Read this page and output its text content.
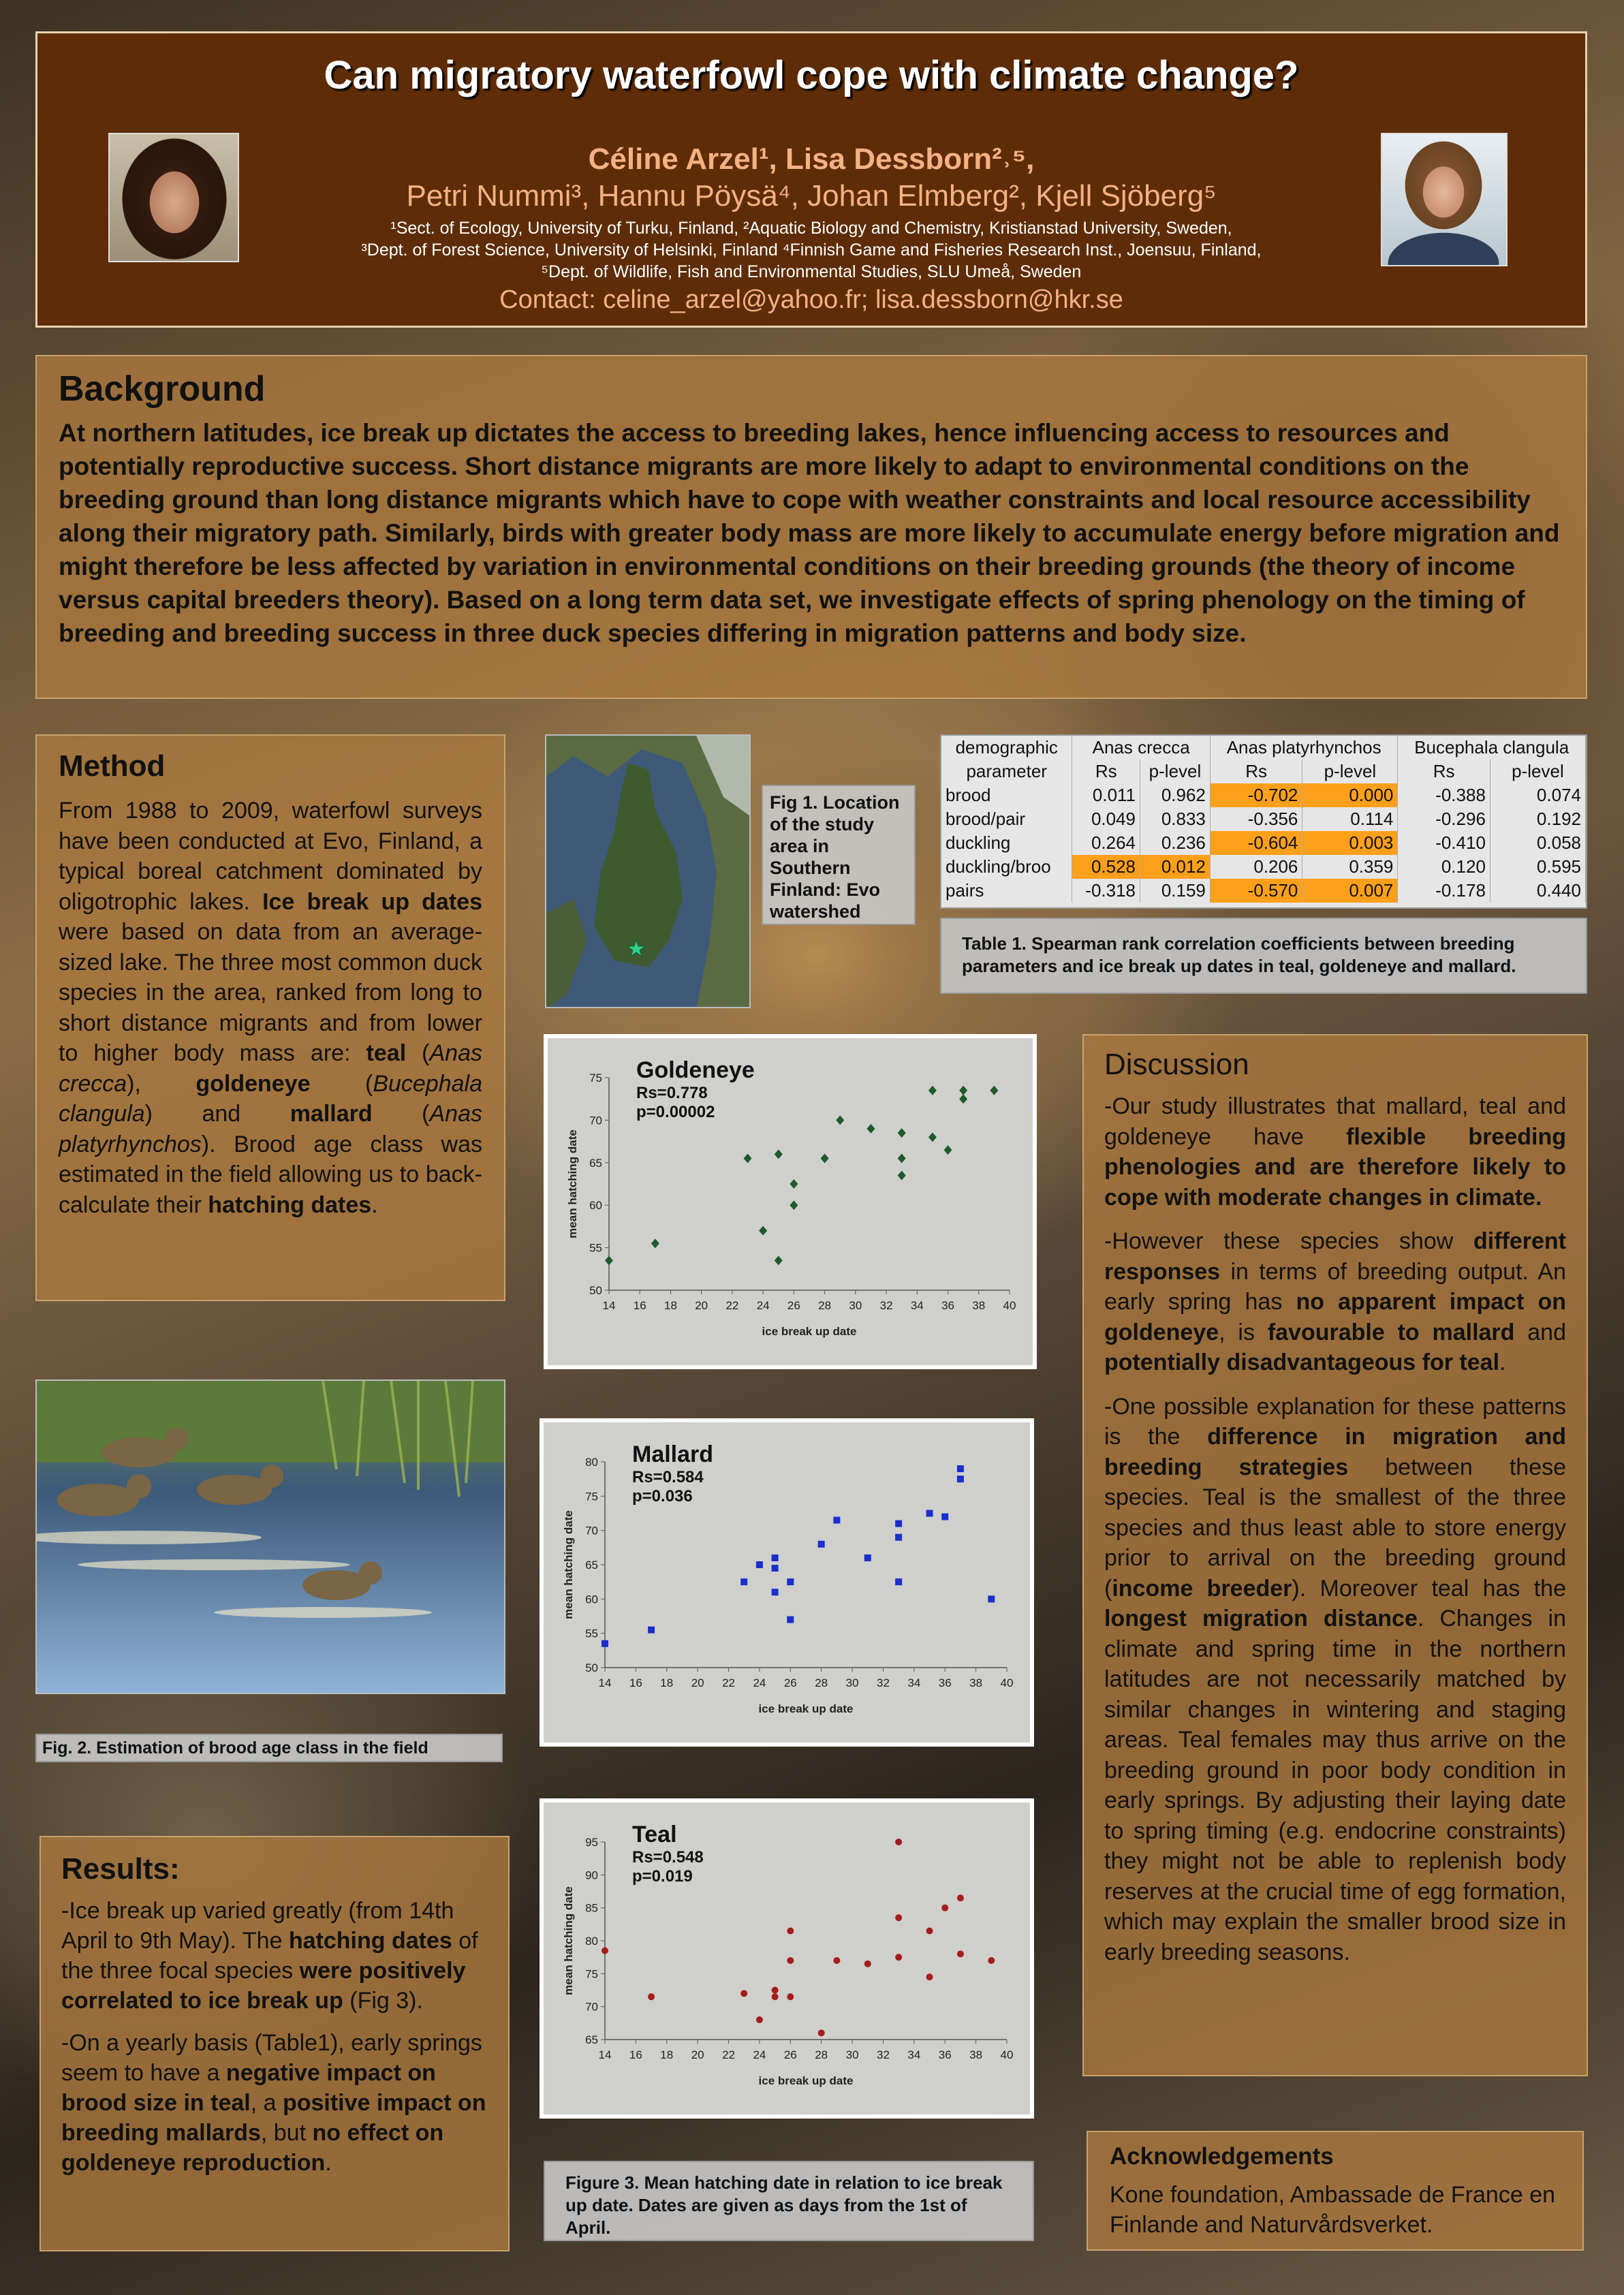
Can migratory waterfowl cope with climate change?
Céline Arzel¹, Lisa Dessborn²˒⁵,
Petri Nummi³, Hannu Pöysä⁴, Johan Elmberg², Kjell Sjöberg⁵
¹Sect. of Ecology, University of Turku, Finland, ²Aquatic Biology and Chemistry, Kristianstad University, Sweden,
³Dept. of Forest Science, University of Helsinki, Finland ⁴Finnish Game and Fisheries Research Inst., Joensuu, Finland,
⁵Dept. of Wildlife, Fish and Environmental Studies, SLU Umeå, Sweden
Contact: celine_arzel@yahoo.fr; lisa.dessborn@hkr.se
Background
At northern latitudes, ice break up dictates the access to breeding lakes, hence influencing access to resources and potentially reproductive success. Short distance migrants are more likely to adapt to environmental conditions on the breeding ground than long distance migrants which have to cope with weather constraints and local resource accessibility along their migratory path. Similarly, birds with greater body mass are more likely to accumulate energy before migration and might therefore be less affected by variation in environmental conditions on their breeding grounds (the theory of income versus capital breeders theory). Based on a long term data set, we investigate effects of spring phenology on the timing of breeding and breeding success in three duck species differing in migration patterns and body size.
Method
From 1988 to 2009, waterfowl surveys have been conducted at Evo, Finland, a typical boreal catchment dominated by oligotrophic lakes. Ice break up dates were based on data from an average-sized lake. The three most common duck species in the area, ranked from long to short distance migrants and from lower to higher body mass are: teal (Anas crecca), goldeneye (Bucephala clangula) and mallard (Anas platyrhynchos). Brood age class was estimated in the field allowing us to back- calculate their hatching dates.
Fig 1. Location of the study area in Southern Finland: Evo watershed
demographic	Anas crecca		Anas platyrhynchos		Bucephala clangula	
parameter	Rs	p-level	Rs	p-level	Rs	p-level
brood	0.011	0.962	-0.702	0.000	-0.388	0.074
brood/pair	0.049	0.833	-0.356	0.114	-0.296	0.192
duckling	0.264	0.236	-0.604	0.003	-0.410	0.058
duckling/broo	0.528	0.012	0.206	0.359	0.120	0.595
pairs	-0.318	0.159	-0.570	0.007	-0.178	0.440
Table 1. Spearman rank correlation coefficients between breeding parameters and ice break up dates in teal, goldeneye and mallard.
50
55
60
65
70
75
14 16 18 20 22 24 26 28 30 32 34 36 38 40
ice break up date
mean hatching date
Goldeneye
Rs=0.778
p=0.00002
50
55
60
65
70
75
80
14 16 18 20 22 24 26 28 30 32 34 36 38 40
ice break up date
mean hatching date
Mallard
Rs=0.584
p=0.036
65
70
75
80
85
90
95
14 16 18 20 22 24 26 28 30 32 34 36 38 40
ice break up date
mean hatching date
Teal
Rs=0.548
p=0.019
Fig. 2. Estimation of brood age class in the field
Results:
-Ice break up varied greatly (from 14th April to 9th May). The hatching dates of the three focal species were positively correlated to ice break up (Fig 3).
-On a yearly basis (Table1), early springs seem to have a negative impact on brood size in teal, a positive impact on breeding mallards, but no effect on goldeneye reproduction.
Figure 3. Mean hatching date in relation to ice break up date. Dates are given as days from the 1st of April.
Discussion

-Our study illustrates that mallard, teal and goldeneye have flexible breeding phenologies and are therefore likely to cope with moderate changes in climate.

-However these species show different responses in terms of breeding output. An early spring has no apparent impact on goldeneye, is favourable to mallard and potentially disadvantageous for teal.

-One possible explanation for these patterns is the difference in migration and breeding strategies between these species. Teal is the smallest of the three species and thus least able to store energy prior to arrival on the breeding ground (income breeder). Moreover teal has the longest migration distance. Changes in climate and spring time in the northern latitudes are not necessarily matched by similar changes in wintering and staging areas. Teal females may thus arrive on the breeding ground in poor body condition in early springs. By adjusting their laying date to spring timing (e.g. endocrine constraints) they might not be able to replenish body reserves at the crucial time of egg formation, which may explain the smaller brood size in early breeding seasons.

Acknowledgements
Kone foundation, Ambassade de France en Finlande and Naturvårdsverket.
